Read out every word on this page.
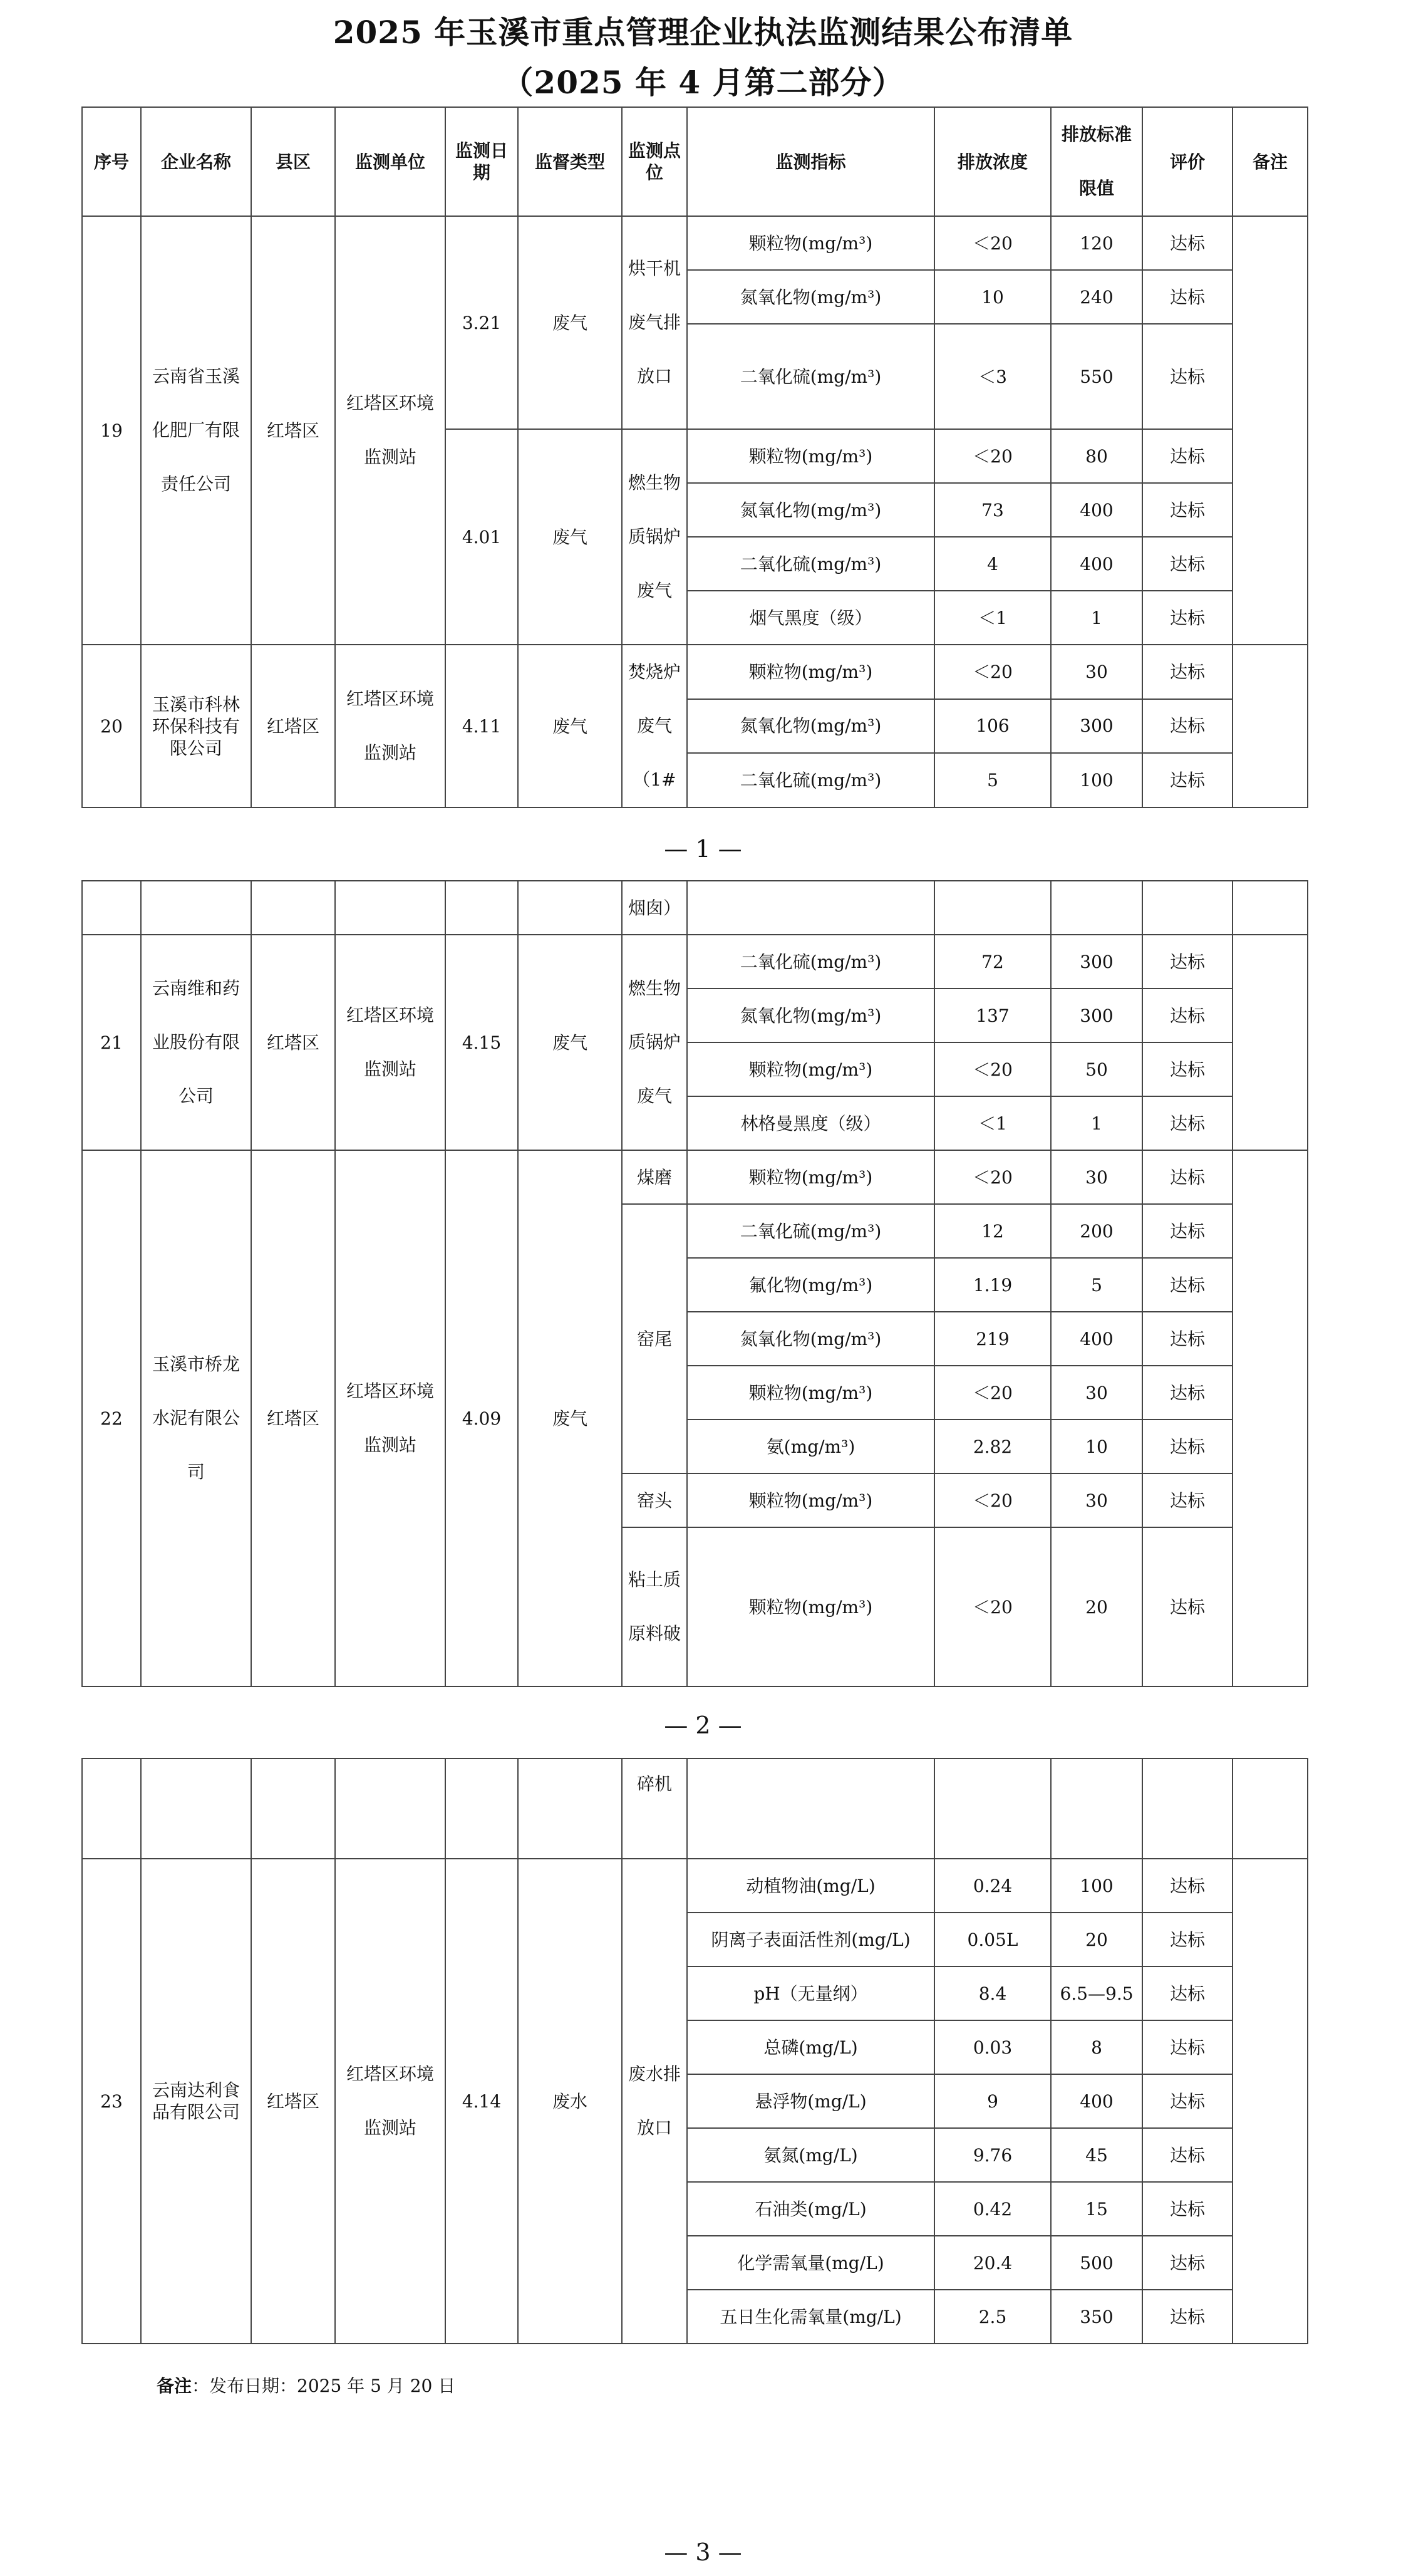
2025 年玉溪市重点管理企业执法监测结果公布清单
（2025 年 4 月第二部分）
序号	企业名称	县区	监测单位	监测日期	监督类型	监测点位	监测指标	排放浓度	排放标准限值	评价	备注
19	云南省玉溪化肥厂有限责任公司	红塔区	红塔区环境监测站	3.21	废气	烘干机废气排放口	颗粒物(mg/m³)	＜20	120	达标	
							氮氧化物(mg/m³)	10	240	达标	
							二氧化硫(mg/m³)	＜3	550	达标	
				4.01	废气	燃生物质锅炉废气	颗粒物(mg/m³)	＜20	80	达标	
							氮氧化物(mg/m³)	73	400	达标	
							二氧化硫(mg/m³)	4	400	达标	
							烟气黑度（级）	＜1	1	达标	
20	玉溪市科林环保科技有限公司	红塔区	红塔区环境监测站	4.11	废气	焚烧炉废气（1#	颗粒物(mg/m³)	＜20	30	达标	
							氮氧化物(mg/m³)	106	300	达标	
							二氧化硫(mg/m³)	5	100	达标	
— 1 —
						烟囱）					
21	云南维和药业股份有限公司	红塔区	红塔区环境监测站	4.15	废气	燃生物质锅炉废气	二氧化硫(mg/m³)	72	300	达标	
							氮氧化物(mg/m³)	137	300	达标	
							颗粒物(mg/m³)	＜20	50	达标	
							林格曼黑度（级）	＜1	1	达标	
22	玉溪市桥龙水泥有限公司	红塔区	红塔区环境监测站	4.09	废气	煤磨	颗粒物(mg/m³)	＜20	30	达标	
						窑尾	二氧化硫(mg/m³)	12	200	达标	
							氟化物(mg/m³)	1.19	5	达标	
							氮氧化物(mg/m³)	219	400	达标	
							颗粒物(mg/m³)	＜20	30	达标	
							氨(mg/m³)	2.82	10	达标	
						窑头	颗粒物(mg/m³)	＜20	30	达标	
						粘土质原料破	颗粒物(mg/m³)	＜20	20	达标	
— 2 —
						碎机					
23	云南达利食品有限公司	红塔区	红塔区环境监测站	4.14	废水	废水排放口	动植物油(mg/L)	0.24	100	达标	
							阴离子表面活性剂(mg/L)	0.05L	20	达标	
							pH（无量纲）	8.4	6.5—9.5	达标	
							总磷(mg/L)	0.03	8	达标	
							悬浮物(mg/L)	9	400	达标	
							氨氮(mg/L)	9.76	45	达标	
							石油类(mg/L)	0.42	15	达标	
							化学需氧量(mg/L)	20.4	500	达标	
							五日生化需氧量(mg/L)	2.5	350	达标	
备注：发布日期：2025 年 5 月 20 日
— 3 —
